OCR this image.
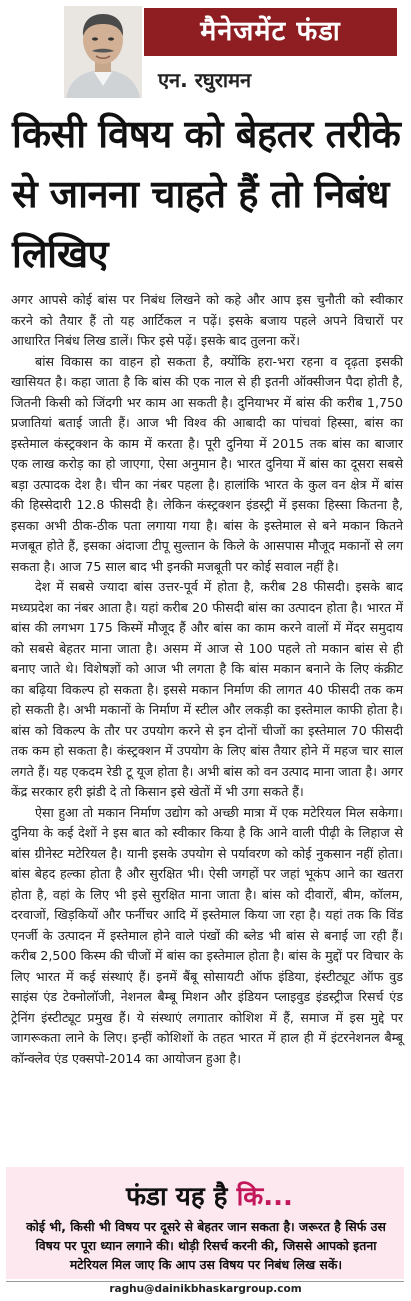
मैनेजमेंट फंडा
एन. रघुरामन
किसी विषय को बेहतर तरीके से जानना चाहते हैं तो निबंध लिखिए

अगर आपसे कोई बांस पर निबंध लिखने को कहे और आप इस चुनौती को स्वीकार करने को तैयार हैं तो यह आर्टिकल न पढ़ें। इसके बजाय पहले अपने विचारों पर आधारित निबंध लिख डालें। फिर इसे पढ़ें। इसके बाद तुलना करें।

बांस विकास का वाहन हो सकता है, क्योंकि हरा-भरा रहना व दृढ़ता इसकी खासियत है। कहा जाता है कि बांस की एक नाल से ही इतनी ऑक्सीजन पैदा होती है, जितनी किसी को जिंदगी भर काम आ सकती है। दुनियाभर में बांस की करीब 1,750 प्रजातियां बताई जाती हैं। आज भी विश्व की आबादी का पांचवां हिस्सा, बांस का इस्तेमाल कंस्ट्रक्शन के काम में करता है। पूरी दुनिया में 2015 तक बांस का बाजार एक लाख करोड़ का हो जाएगा, ऐसा अनुमान है। भारत दुनिया में बांस का दूसरा सबसे बड़ा उत्पादक देश है। चीन का नंबर पहला है। हालांकि भारत के कुल वन क्षेत्र में बांस की हिस्सेदारी 12.8 फीसदी है। लेकिन कंस्ट्रक्शन इंडस्ट्री में इसका हिस्सा कितना है, इसका अभी ठीक-ठीक पता लगाया गया है। बांस के इस्तेमाल से बने मकान कितने मजबूत होते हैं, इसका अंदाजा टीपू सुल्तान के किले के आसपास मौजूद मकानों से लग सकता है। आज 75 साल बाद भी इनकी मजबूती पर कोई सवाल नहीं है।

देश में सबसे ज्यादा बांस उत्तर-पूर्व में होता है, करीब 28 फीसदी। इसके बाद मध्यप्रदेश का नंबर आता है। यहां करीब 20 फीसदी बांस का उत्पादन होता है। भारत में बांस की लगभग 175 किस्में मौजूद हैं और बांस का काम करने वालों में मेंदर समुदाय को सबसे बेहतर माना जाता है। असम में आज से 100 पहले तो मकान बांस से ही बनाए जाते थे। विशेषज्ञों को आज भी लगता है कि बांस मकान बनाने के लिए कंक्रीट का बढ़िया विकल्प हो सकता है। इससे मकान निर्माण की लागत 40 फीसदी तक कम हो सकती है। अभी मकानों के निर्माण में स्टील और लकड़ी का इस्तेमाल काफी होता है। बांस को विकल्प के तौर पर उपयोग करने से इन दोनों चीजों का इस्तेमाल 70 फीसदी तक कम हो सकता है। कंस्ट्रक्शन में उपयोग के लिए बांस तैयार होने में महज चार साल लगते हैं। यह एकदम रेडी टू यूज होता है। अभी बांस को वन उत्पाद माना जाता है। अगर केंद्र सरकार हरी झंडी दे तो किसान इसे खेतों में भी उगा सकते हैं।

ऐसा हुआ तो मकान निर्माण उद्योग को अच्छी मात्रा में एक मटेरियल मिल सकेगा। दुनिया के कई देशों ने इस बात को स्वीकार किया है कि आने वाली पीढ़ी के लिहाज से बांस ग्रीनेस्ट मटेरियल है। यानी इसके उपयोग से पर्यावरण को कोई नुकसान नहीं होता। बांस बेहद हल्का होता है और सुरक्षित भी। ऐसी जगहों पर जहां भूकंप आने का खतरा होता है, वहां के लिए भी इसे सुरक्षित माना जाता है। बांस को दीवारों, बीम, कॉलम, दरवाजों, खिड़कियों और फर्नीचर आदि में इस्तेमाल किया जा रहा है। यहां तक कि विंड एनर्जी के उत्पादन में इस्तेमाल होने वाले पंखों की ब्लेड भी बांस से बनाई जा रही हैं। करीब 2,500 किस्म की चीजों में बांस का इस्तेमाल होता है। बांस के मुद्दों पर विचार के लिए भारत में कई संस्थाएं हैं। इनमें बैंबू सोसायटी ऑफ इंडिया, इंस्टीट्यूट ऑफ वुड साइंस एंड टेक्नोलॉजी, नेशनल बैम्बू मिशन और इंडियन प्लाइवुड इंडस्ट्रीज रिसर्च एंड ट्रेनिंग इंस्टीट्यूट प्रमुख हैं। ये संस्थाएं लगातार कोशिश में हैं, समाज में इस मुद्दे पर जागरूकता लाने के लिए। इन्हीं कोशिशों के तहत भारत में हाल ही में इंटरनेशनल बैम्बू कॉन्क्लेव एंड एक्सपो-2014 का आयोजन हुआ है।

फंडा यह है कि...
कोई भी, किसी भी विषय पर दूसरे से बेहतर जान सकता है। जरूरत है सिर्फ उस विषय पर पूरा ध्यान लगाने की। थोड़ी रिसर्च करनी की, जिससे आपको इतना मटेरियल मिल जाए कि आप उस विषय पर निबंध लिख सकें।
raghu@dainikbhaskargroup.com
